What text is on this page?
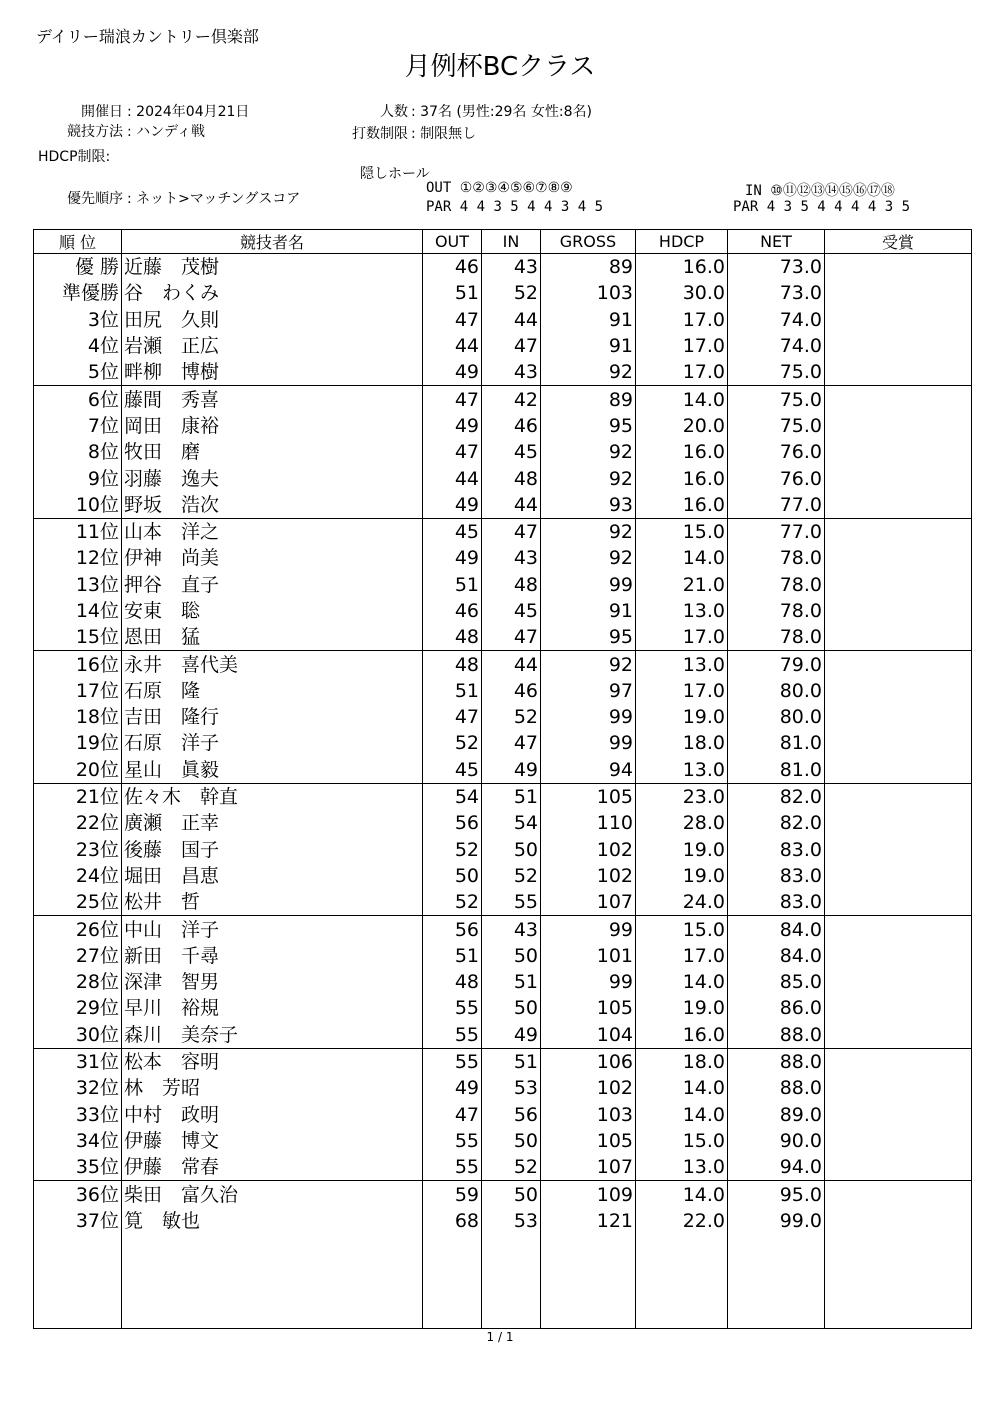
デイリー瑞浪カントリー倶楽部
月例杯BCクラス
開催日 : 2024年04月21日
競技方法 : ハンディ戦
HDCP制限:
優先順序 : ネット>マッチングスコア
人数 : 37名 (男性:29名 女性:8名)
打数制限 : 制限無し
隠しホール
OUT ①②③④⑤⑥⑦⑧⑨
PAR 4 4 3 5 4 4 3 4 5
IN ⑩⑪⑫⑬⑭⑮⑯⑰⑱
PAR 4 3 5 4 4 4 4 3 5
順 位	競技者名	OUT	IN	GROSS	HDCP	NET	受賞
優 勝	近藤　茂樹	46	43	89	16.0	73.0	
準優勝	谷　わくみ	51	52	103	30.0	73.0	
3位	田尻　久則	47	44	91	17.0	74.0	
4位	岩瀬　正広	44	47	91	17.0	74.0	
5位	畔柳　博樹	49	43	92	17.0	75.0	
6位	藤間　秀喜	47	42	89	14.0	75.0	
7位	岡田　康裕	49	46	95	20.0	75.0	
8位	牧田　磨	47	45	92	16.0	76.0	
9位	羽藤　逸夫	44	48	92	16.0	76.0	
10位	野坂　浩次	49	44	93	16.0	77.0	
11位	山本　洋之	45	47	92	15.0	77.0	
12位	伊神　尚美	49	43	92	14.0	78.0	
13位	押谷　直子	51	48	99	21.0	78.0	
14位	安東　聡	46	45	91	13.0	78.0	
15位	恩田　猛	48	47	95	17.0	78.0	
16位	永井　喜代美	48	44	92	13.0	79.0	
17位	石原　隆	51	46	97	17.0	80.0	
18位	吉田　隆行	47	52	99	19.0	80.0	
19位	石原　洋子	52	47	99	18.0	81.0	
20位	星山　眞毅	45	49	94	13.0	81.0	
21位	佐々木　幹直	54	51	105	23.0	82.0	
22位	廣瀬　正幸	56	54	110	28.0	82.0	
23位	後藤　国子	52	50	102	19.0	83.0	
24位	堀田　昌恵	50	52	102	19.0	83.0	
25位	松井　哲	52	55	107	24.0	83.0	
26位	中山　洋子	56	43	99	15.0	84.0	
27位	新田　千尋	51	50	101	17.0	84.0	
28位	深津　智男	48	51	99	14.0	85.0	
29位	早川　裕規	55	50	105	19.0	86.0	
30位	森川　美奈子	55	49	104	16.0	88.0	
31位	松本　容明	55	51	106	18.0	88.0	
32位	林　芳昭	49	53	102	14.0	88.0	
33位	中村　政明	47	56	103	14.0	89.0	
34位	伊藤　博文	55	50	105	15.0	90.0	
35位	伊藤　常春	55	52	107	13.0	94.0	
36位	柴田　富久治	59	50	109	14.0	95.0	
37位	筧　敏也	68	53	121	22.0	99.0	

1 / 1
